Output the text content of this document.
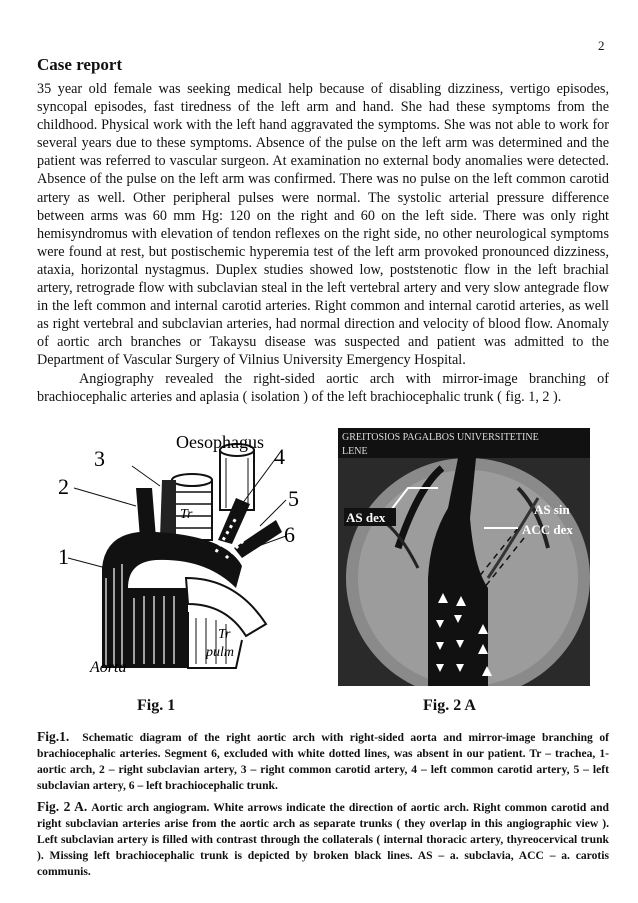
2
Case report

35 year old female was seeking medical help because of disabling dizziness, vertigo episodes, syncopal episodes, fast tiredness of the left arm and hand. She had these symptoms from the childhood. Physical work with the left hand aggravated the symptoms. She was not able to work for several years due to these symptoms. Absence of the pulse on the left arm was determined and the patient was referred to vascular surgeon. At examination no external body anomalies were detected. Absence of the pulse on the left arm was confirmed. There was no pulse on the left common carotid artery as well. Other peripheral pulses were normal. The systolic arterial pressure difference between arms was 60 mm Hg: 120 on the right and 60 on the left side. There was only right hemisyndromus with elevation of tendon reflexes on the right side, no other neurological symptoms were found at rest, but postischemic hyperemia test of the left arm provoked pronounced dizziness, ataxia, horizontal nystagmus. Duplex studies showed low, poststenotic flow in the left brachial artery, retrograde flow with subclavian steal in the left vertebral artery and very slow antegrade flow in the left common and internal carotid arteries. Right common and internal carotid arteries, as well as right vertebral and subclavian arteries, had normal direction and velocity of blood flow. Anomaly of aortic arch branches or Takaysu disease was suspected and patient was admitted to the Department of Vascular Surgery of Vilnius University Emergency Hospital.

Angiography revealed the right-sided aortic arch with mirror-image branching of brachiocephalic arteries and aplasia ( isolation ) of the left brachiocephalic trunk ( fig. 1, 2 ).

Oesophagus
1
2
3	4
5
6
Tr
Tr
pulm
Aorta
GREITOSIOS PAGALBOS UNIVERSITETINE
LENE
AS dex
AS sin
ACC dex
Fig. 1	Fig. 2 A

Fig.1. Schematic diagram of the right aortic arch with right-sided aorta and mirror-image branching of brachiocephalic arteries. Segment 6, excluded with white dotted lines, was absent in our patient. Tr – trachea, 1- aortic arch, 2 – right subclavian artery, 3 – right common carotid artery, 4 – left common carotid artery, 5 – left subclavian artery, 6 – left brachiocephalic trunk.

Fig. 2 A. Aortic arch angiogram. White arrows indicate the direction of aortic arch. Right common carotid and right subclavian arteries arise from the aortic arch as separate trunks ( they overlap in this angiographic view ). Left subclavian artery is filled with contrast through the collaterals ( internal thoracic artery, thyreocervical trunk ). Missing left brachiocephalic trunk is depicted by broken black lines. AS – a. subclavia, ACC – a. carotis communis.
